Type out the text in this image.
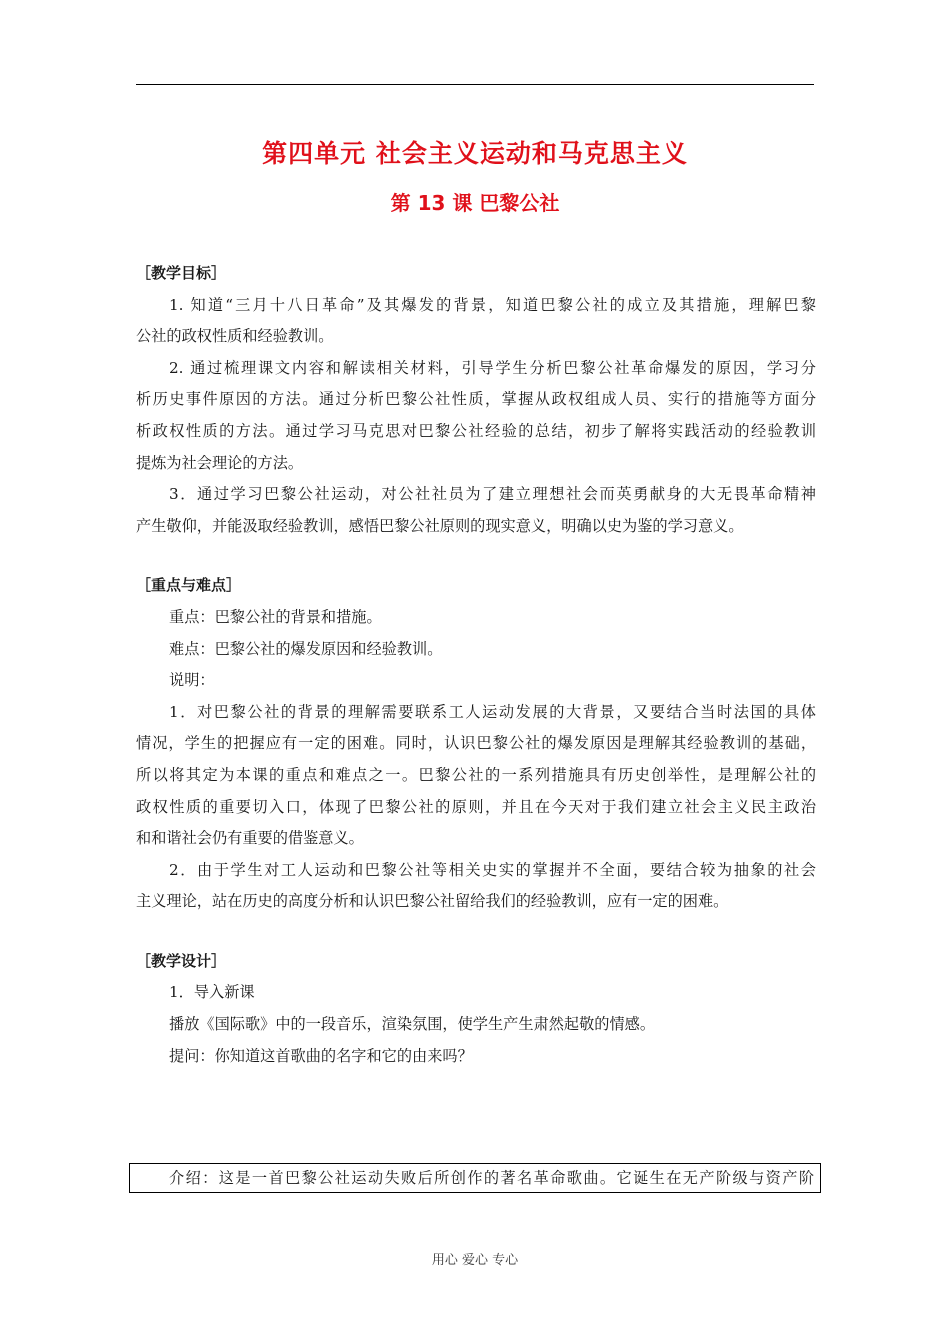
第四单元 社会主义运动和马克思主义
第 13 课 巴黎公社
［教学目标］
1. 知道“三月十八日革命”及其爆发的背景，知道巴黎公社的成立及其措施，理解巴黎
公社的政权性质和经验教训。
2. 通过梳理课文内容和解读相关材料，引导学生分析巴黎公社革命爆发的原因，学习分
析历史事件原因的方法。通过分析巴黎公社性质，掌握从政权组成人员、实行的措施等方面分
析政权性质的方法。通过学习马克思对巴黎公社经验的总结，初步了解将实践活动的经验教训
提炼为社会理论的方法。
3．通过学习巴黎公社运动，对公社社员为了建立理想社会而英勇献身的大无畏革命精神
产生敬仰，并能汲取经验教训，感悟巴黎公社原则的现实意义，明确以史为鉴的学习意义。
［重点与难点］
重点：巴黎公社的背景和措施。
难点：巴黎公社的爆发原因和经验教训。
说明：
1．对巴黎公社的背景的理解需要联系工人运动发展的大背景，又要结合当时法国的具体
情况，学生的把握应有一定的困难。同时，认识巴黎公社的爆发原因是理解其经验教训的基础，
所以将其定为本课的重点和难点之一。巴黎公社的一系列措施具有历史创举性，是理解公社的
政权性质的重要切入口，体现了巴黎公社的原则，并且在今天对于我们建立社会主义民主政治
和和谐社会仍有重要的借鉴意义。
2．由于学生对工人运动和巴黎公社等相关史实的掌握并不全面，要结合较为抽象的社会
主义理论，站在历史的高度分析和认识巴黎公社留给我们的经验教训，应有一定的困难。
［教学设计］
1．导入新课
播放《国际歌》中的一段音乐，渲染氛围，使学生产生肃然起敬的情感。
提问：你知道这首歌曲的名字和它的由来吗？
介绍：这是一首巴黎公社运动失败后所创作的著名革命歌曲。它诞生在无产阶级与资产阶
用心 爱心 专心
